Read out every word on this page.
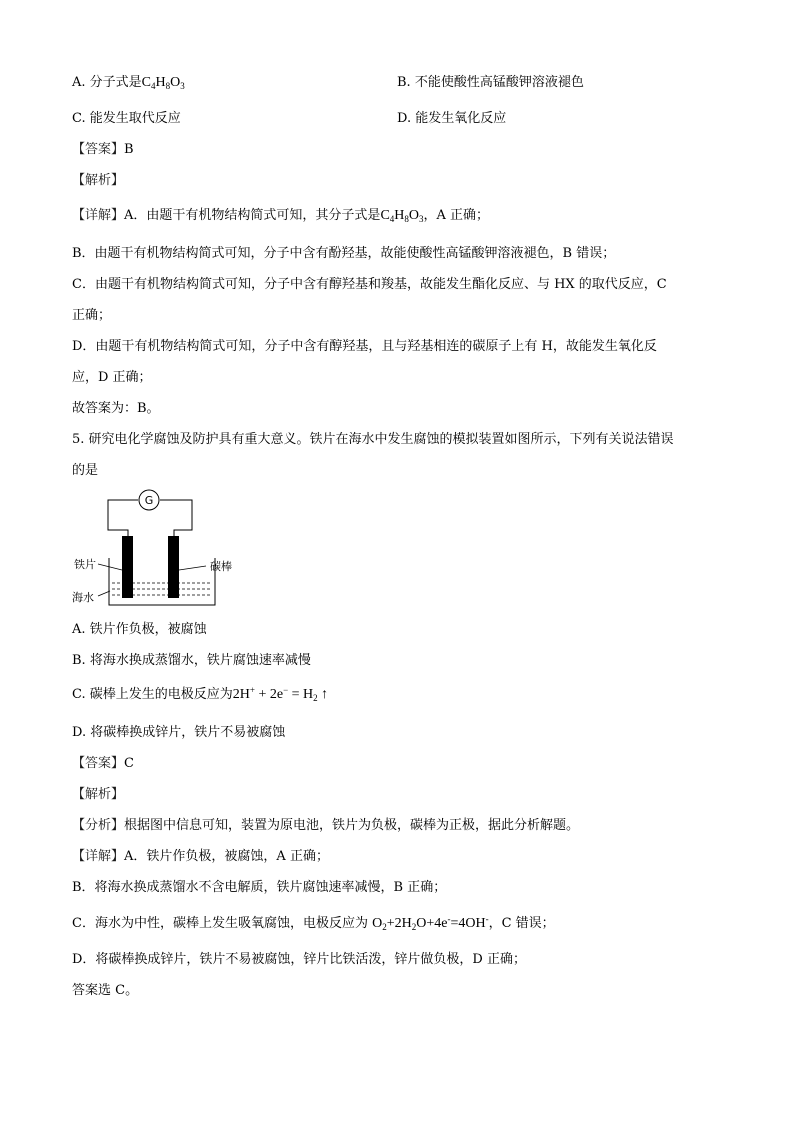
A. 分子式是$C_4H_8O_3$	B. 不能使酸性高锰酸钾溶液褪色
C. 能发生取代反应	D. 能发生氧化反应
【 答案 】 B
【 解析 】
【 详解 】 A．由题干有机物结构简式可知，其分子式是$C_4H_8O_3$，A 正确；
B．由题干有机物结构简式可知，分子中含有酚羟基，故能使酸性高锰酸钾溶液褪色，B 错误；
C．由题干有机物结构简式可知，分子中含有醇羟基和羧基，故能发生酯化反应、与 HX 的取代反应，C
正确；
D．由题干有机物结构简式可知，分子中含有醇羟基，且与羟基相连的碳原子上有 H，故能发生氧化反
应，D 正确；
故答案为：B。
5. 研究电化学腐蚀及防护具有重大意义。铁片在海水中发生腐蚀的模拟装置如图所示，下列有关说法错误
的是
G
铁片	碳棒
海水
A. 铁片作负极，被腐蚀
B. 将海水换成蒸馏水，铁片腐蚀速率减慢
C. 碳棒上发生的电极反应为$2H^+ + 2e^- = H_2$ ↑
D. 将碳棒换成锌片，铁片不易被腐蚀
【 答案 】 C
【 解析 】
【 分析 】 根据图中信息可知，装置为原电池，铁片为负极，碳棒为正极，据此分析解题。
【 详解 】 A．铁片作负极，被腐蚀，A 正确；
B．将海水换成蒸馏水不含电解质，铁片腐蚀速率减慢，B 正确；
C．海水为中性，碳棒上发生吸氧腐蚀，电极反应为 $O_2+2H_2O+4e^-=4OH^-$，C 错误；
D．将碳棒换成锌片，铁片不易被腐蚀，锌片比铁活泼，锌片做负极，D 正确；
答案选 C。
